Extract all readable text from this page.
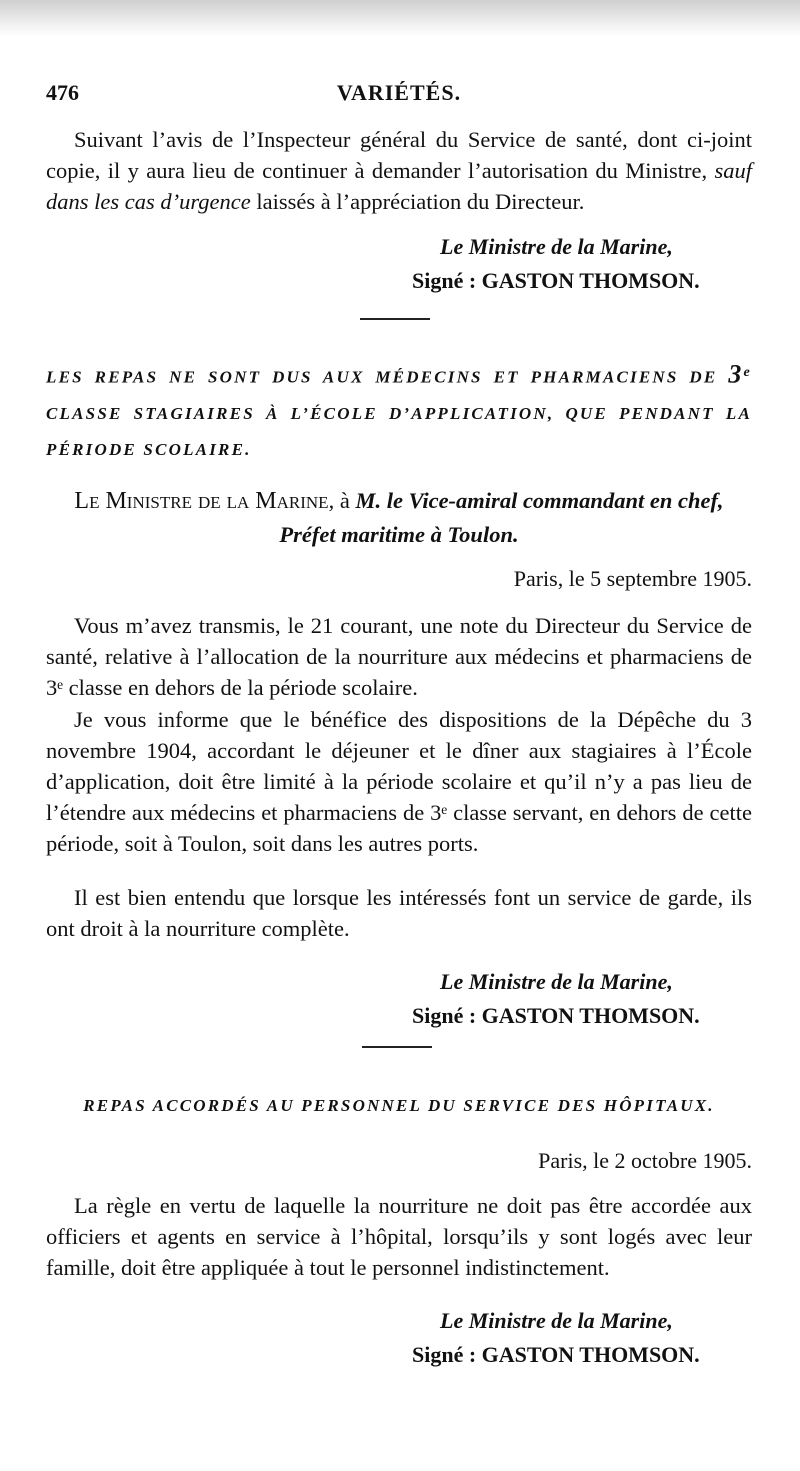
VARIÉTÉS.
476

Suivant l’avis de l’Inspecteur général du Service de santé, dont ci-joint copie, il y aura lieu de continuer à demander l’autorisation du Ministre, sauf dans les cas d’urgence laissés à l’appréciation du Directeur.

Le Ministre de la Marine,
Signé : GASTON THOMSON.

LES REPAS NE SONT DUS AUX MÉDECINS ET PHARMACIENS DE 3e CLASSE STAGIAIRES À L’ÉCOLE D’APPLICATION, QUE PENDANT LA PÉRIODE SCOLAIRE.

Le Ministre de la Marine, à M. le Vice-amiral commandant en chef,
Préfet maritime à Toulon.

Paris, le 5 septembre 1905.

Vous m’avez transmis, le 21 courant, une note du Directeur du Service de santé, relative à l’allocation de la nourriture aux médecins et pharmaciens de 3ᵉ classe en dehors de la période scolaire.

Je vous informe que le bénéfice des dispositions de la Dépêche du 3 novembre 1904, accordant le déjeuner et le dîner aux stagiaires à l’École d’application, doit être limité à la période scolaire et qu’il n’y a pas lieu de l’étendre aux médecins et pharmaciens de 3ᵉ classe servant, en dehors de cette période, soit à Toulon, soit dans les autres ports.

Il est bien entendu que lorsque les intéressés font un service de garde, ils ont droit à la nourriture complète.

Le Ministre de la Marine,
Signé : GASTON THOMSON.
REPAS ACCORDÉS AU PERSONNEL DU SERVICE DES HÔPITAUX.
Paris, le 2 octobre 1905.

La règle en vertu de laquelle la nourriture ne doit pas être accordée aux officiers et agents en service à l’hôpital, lorsqu’ils y sont logés avec leur famille, doit être appliquée à tout le personnel indistinctement.

Le Ministre de la Marine,
Signé : GASTON THOMSON.
